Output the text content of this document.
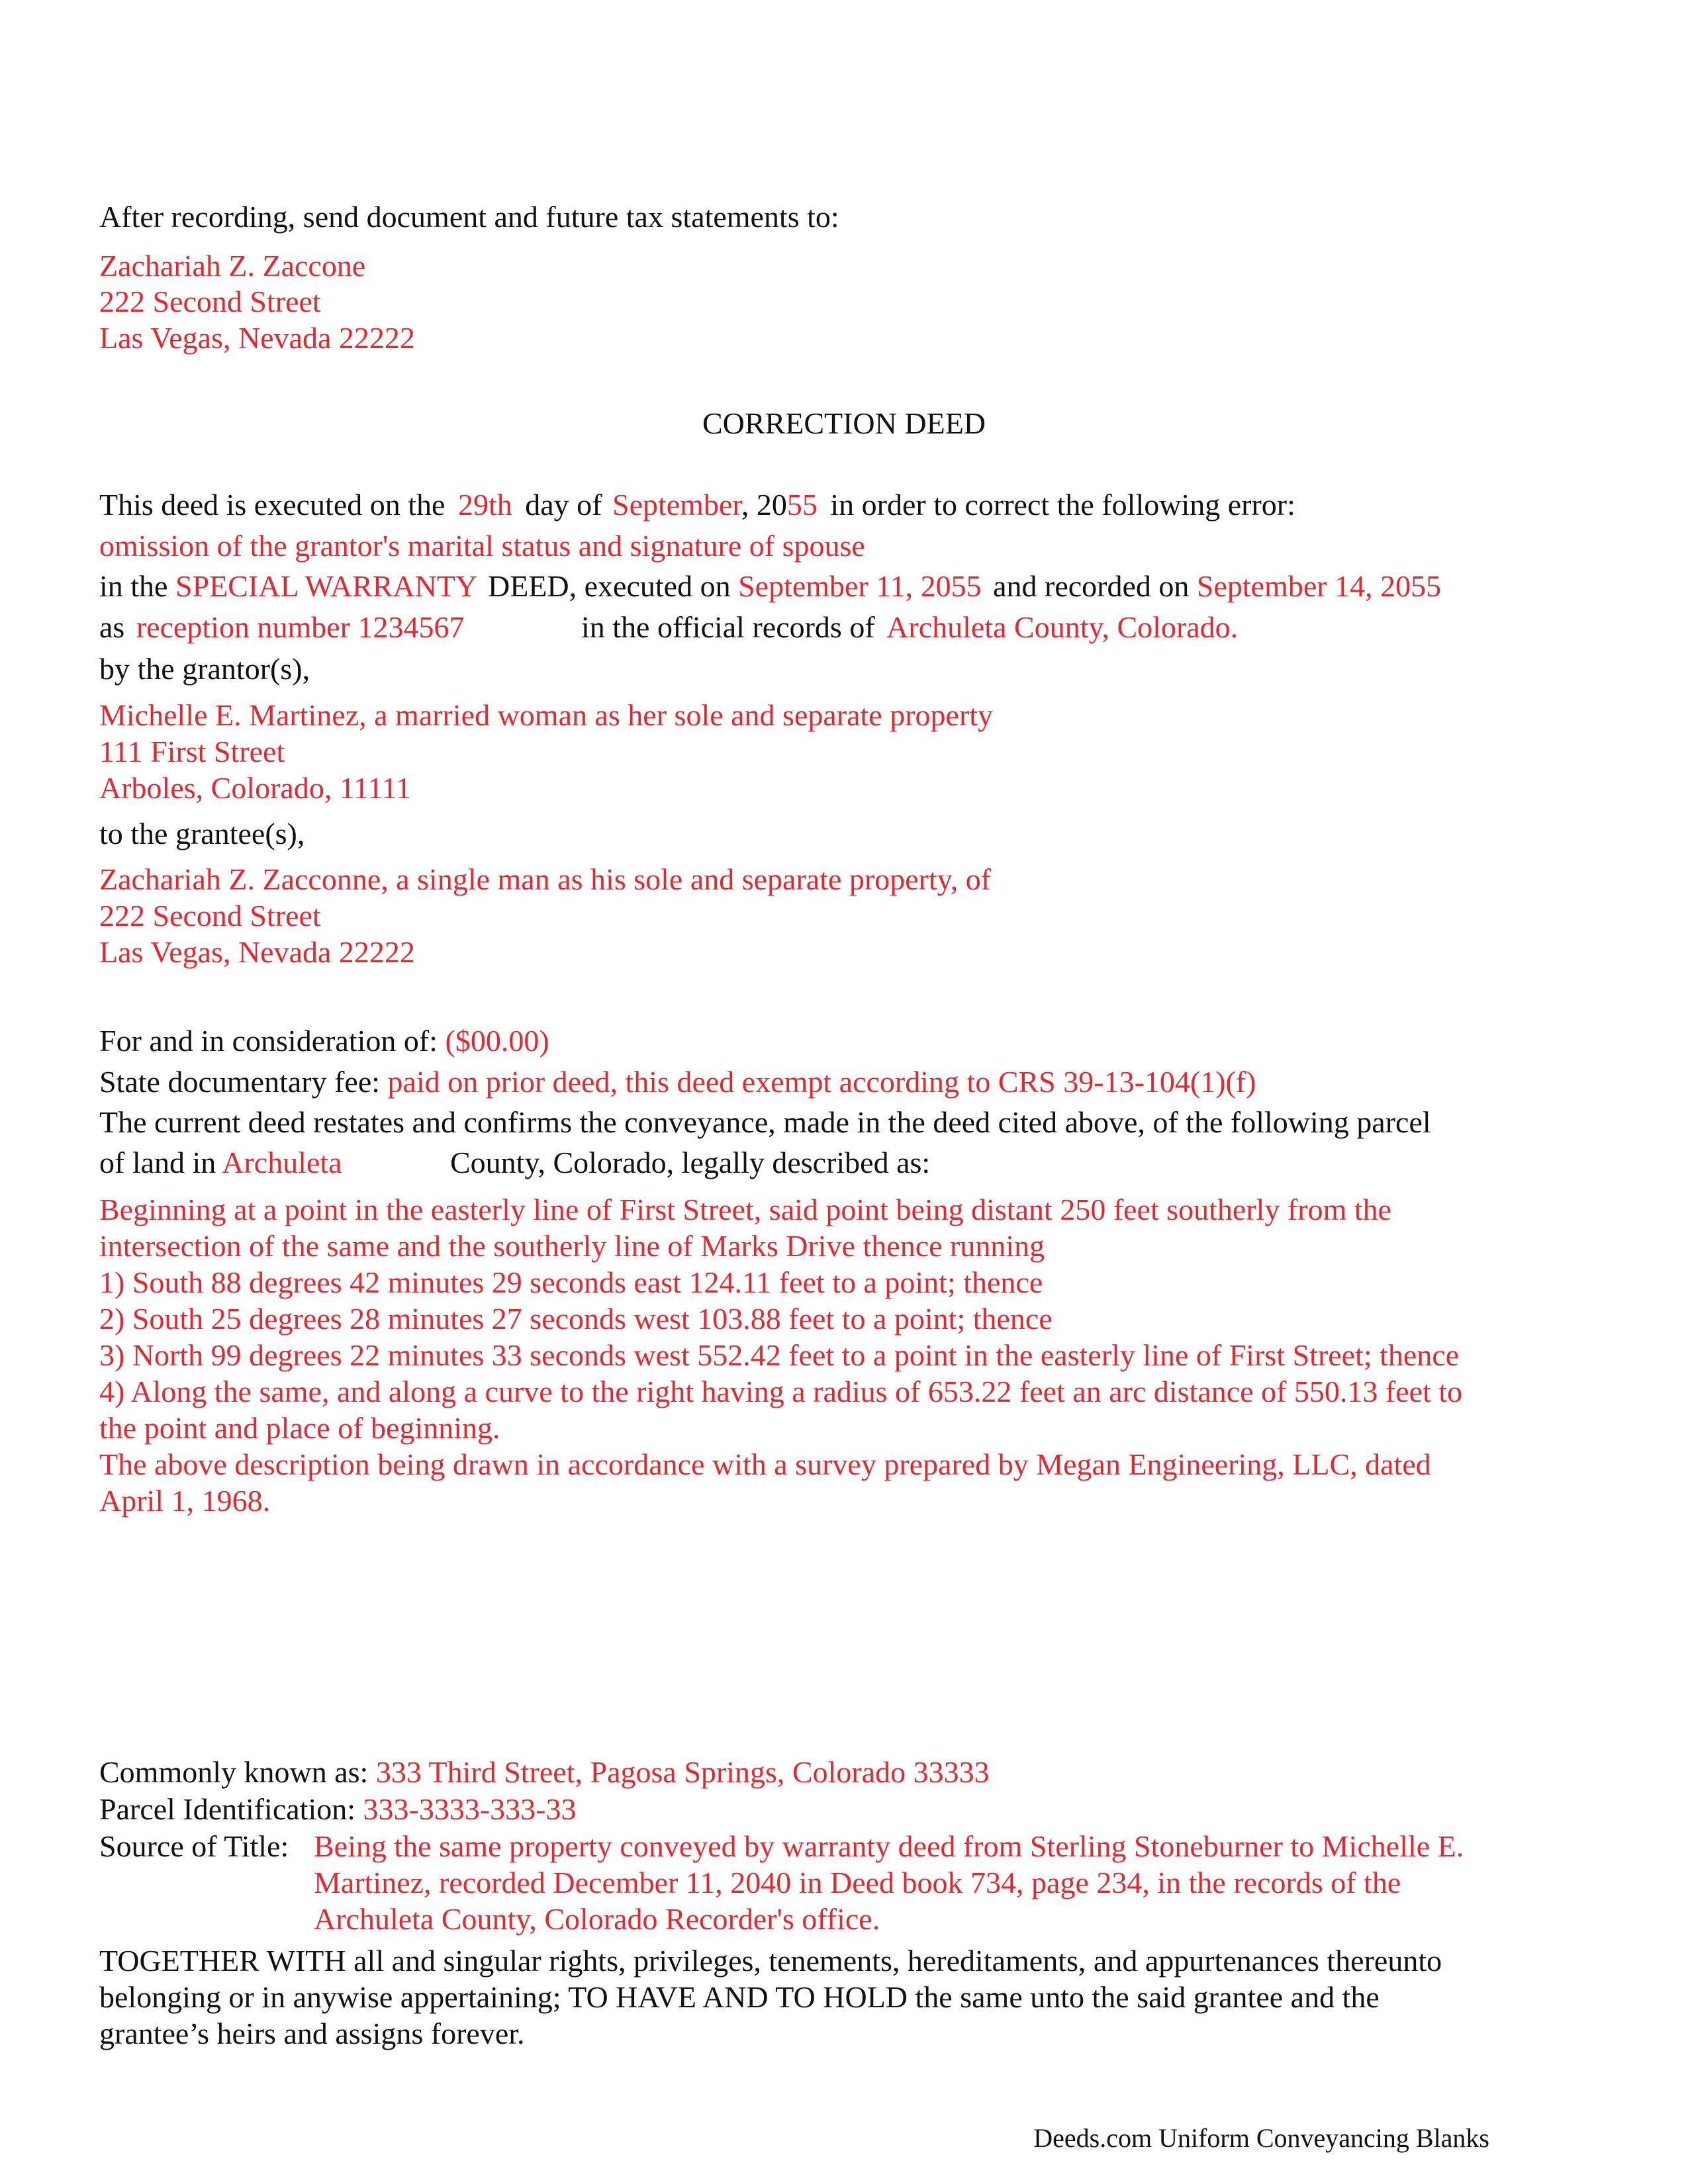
After recording, send document and future tax statements to:
Zachariah Z. Zaccone
222 Second Street
Las Vegas, Nevada 22222
CORRECTION DEED
This deed is executed on the 29th day of September, 2055 in order to correct the following error:
omission of the grantor's marital status and signature of spouse
in the SPECIAL WARRANTY DEED, executed on September 11, 2055 and recorded on September 14, 2055
as reception number 1234567	in the official records of Archuleta County, Colorado.
by the grantor(s),
Michelle E. Martinez, a married woman as her sole and separate property
111 First Street
Arboles, Colorado, 11111
to the grantee(s),
Zachariah Z. Zacconne, a single man as his sole and separate property, of
222 Second Street
Las Vegas, Nevada 22222
For and in consideration of: ($00.00)
State documentary fee: paid on prior deed, this deed exempt according to CRS 39-13-104(1)(f)
The current deed restates and confirms the conveyance, made in the deed cited above, of the following parcel
of land in Archuleta	County, Colorado, legally described as:
Beginning at a point in the easterly line of First Street, said point being distant 250 feet southerly from the
intersection of the same and the southerly line of Marks Drive thence running
1) South 88 degrees 42 minutes 29 seconds east 124.11 feet to a point; thence
2) South 25 degrees 28 minutes 27 seconds west 103.88 feet to a point; thence
3) North 99 degrees 22 minutes 33 seconds west 552.42 feet to a point in the easterly line of First Street; thence
4) Along the same, and along a curve to the right having a radius of 653.22 feet an arc distance of 550.13 feet to
the point and place of beginning.
The above description being drawn in accordance with a survey prepared by Megan Engineering, LLC, dated
April 1, 1968.
Commonly known as: 333 Third Street, Pagosa Springs, Colorado 33333
Parcel Identification: 333-3333-333-33
Source of Title: Being the same property conveyed by warranty deed from Sterling Stoneburner to Michelle E.
Martinez, recorded December 11, 2040 in Deed book 734, page 234, in the records of the
Archuleta County, Colorado Recorder's office.
TOGETHER WITH all and singular rights, privileges, tenements, hereditaments, and appurtenances thereunto
belonging or in anywise appertaining; TO HAVE AND TO HOLD the same unto the said grantee and the
grantee’s heirs and assigns forever.
Deeds.com Uniform Conveyancing Blanks
